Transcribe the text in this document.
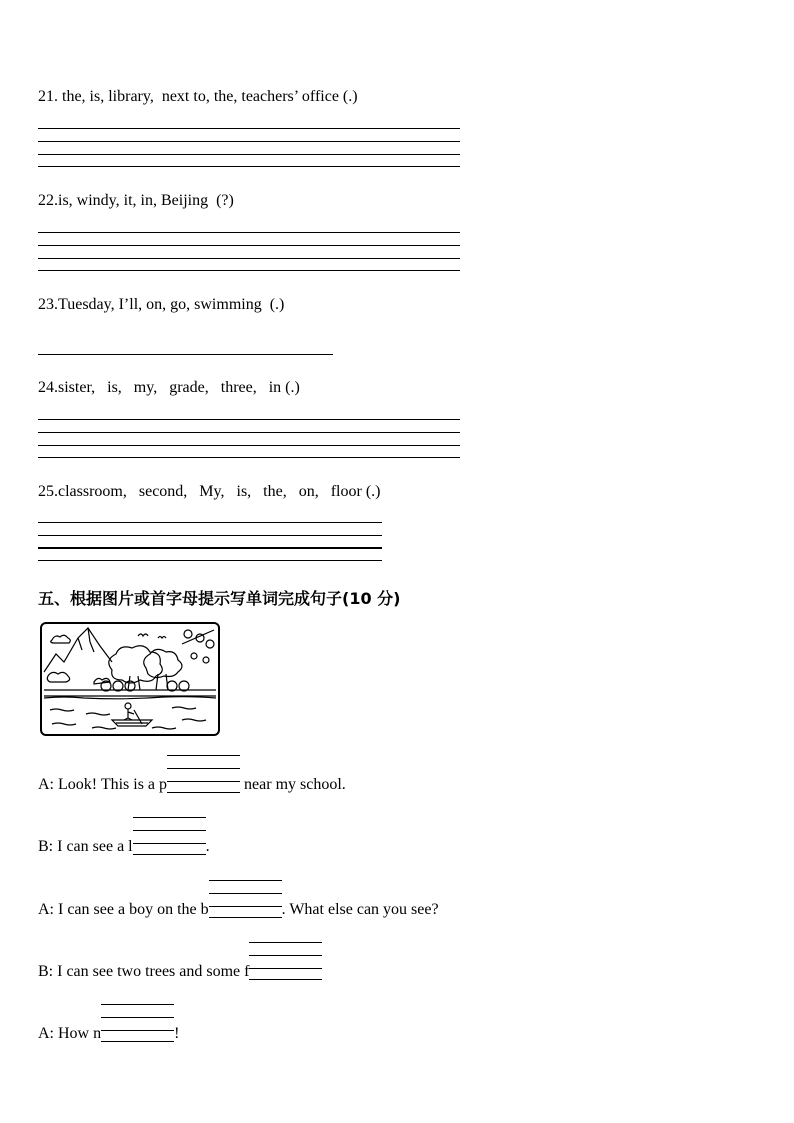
21. the, is, library,  next to, the, teachers’ office (.)
22.is, windy, it, in, Beijing  (?)
23.Tuesday, I’ll, on, go, swimming  (.)
24.sister,   is,   my,   grade,   three,   in (.)
25.classroom,   second,   My,   is,   the,   on,   floor (.)
五、根据图片或首字母提示写单词完成句子(10 分)
A: Look! This is a p	near my school.
B: I can see a l	.
A: I can see a boy on the b	. What else can you see?
B: I can see two trees and some f
A: How n	!
